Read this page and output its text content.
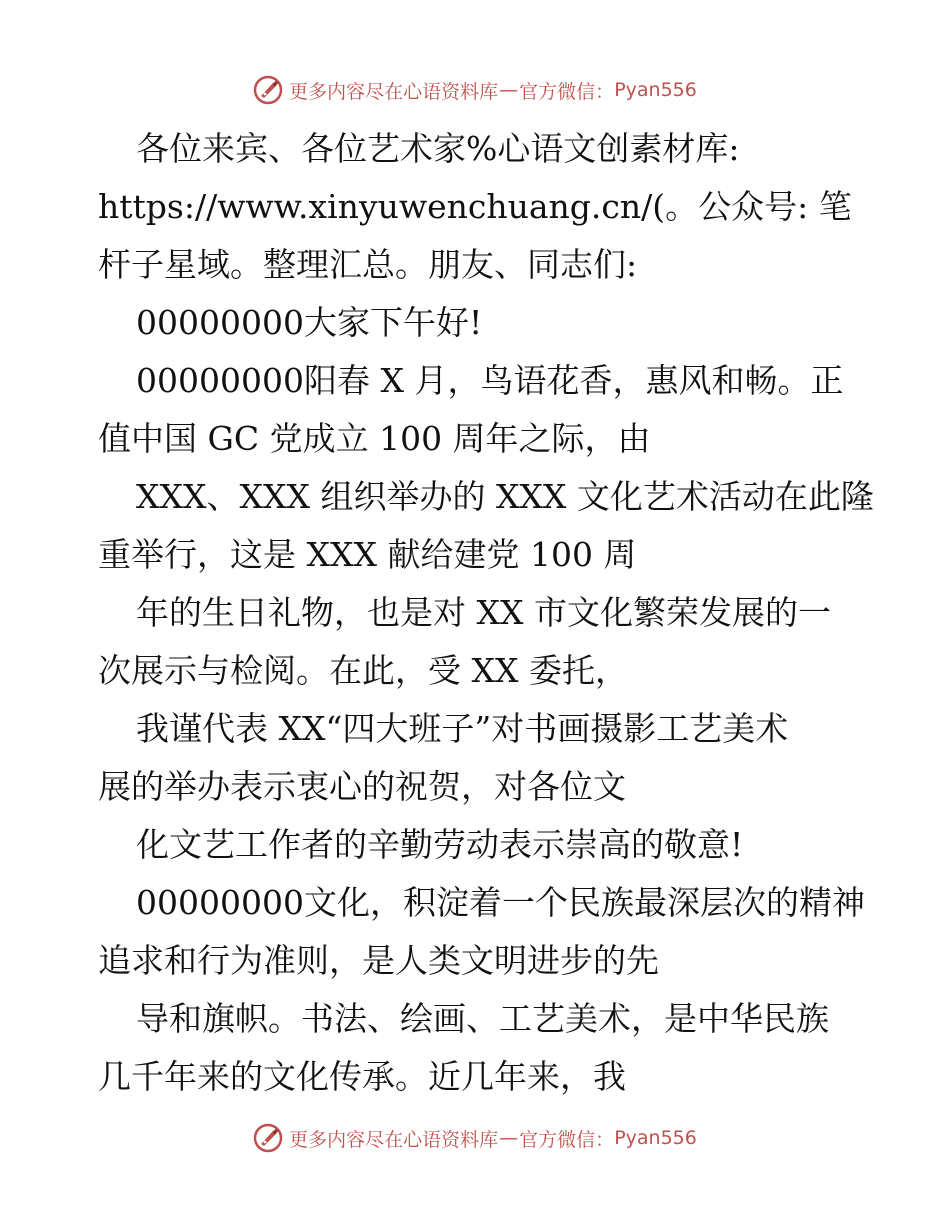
更多内容尽在心语资料库 — 官方微信： Pyan556
各位来宾、各位艺术家%心语文创素材库:
https://www.xinyuwenchuang.cn/(。公众号: 笔
杆子星域。整理汇总。朋友、同志们:
00000000大家下午好!
00000000阳春 X 月，鸟语花香，惠风和畅。正
值中国 GC 党成立 100 周年之际，由
XXX、XXX 组织举办的 XXX 文化艺术活动在此隆
重举行，这是 XXX 献给建党 100 周
年的生日礼物，也是对 XX 市文化繁荣发展的一
次展示与检阅。在此，受 XX 委托，
我谨代表 XX“四大班子”对书画摄影工艺美术
展的举办表示衷心的祝贺，对各位文
化文艺工作者的辛勤劳动表示崇高的敬意!
00000000文化，积淀着一个民族最深层次的精神
追求和行为准则，是人类文明进步的先
导和旗帜。书法、绘画、工艺美术，是中华民族
几千年来的文化传承。近几年来，我
更多内容尽在心语资料库 — 官方微信： Pyan556
